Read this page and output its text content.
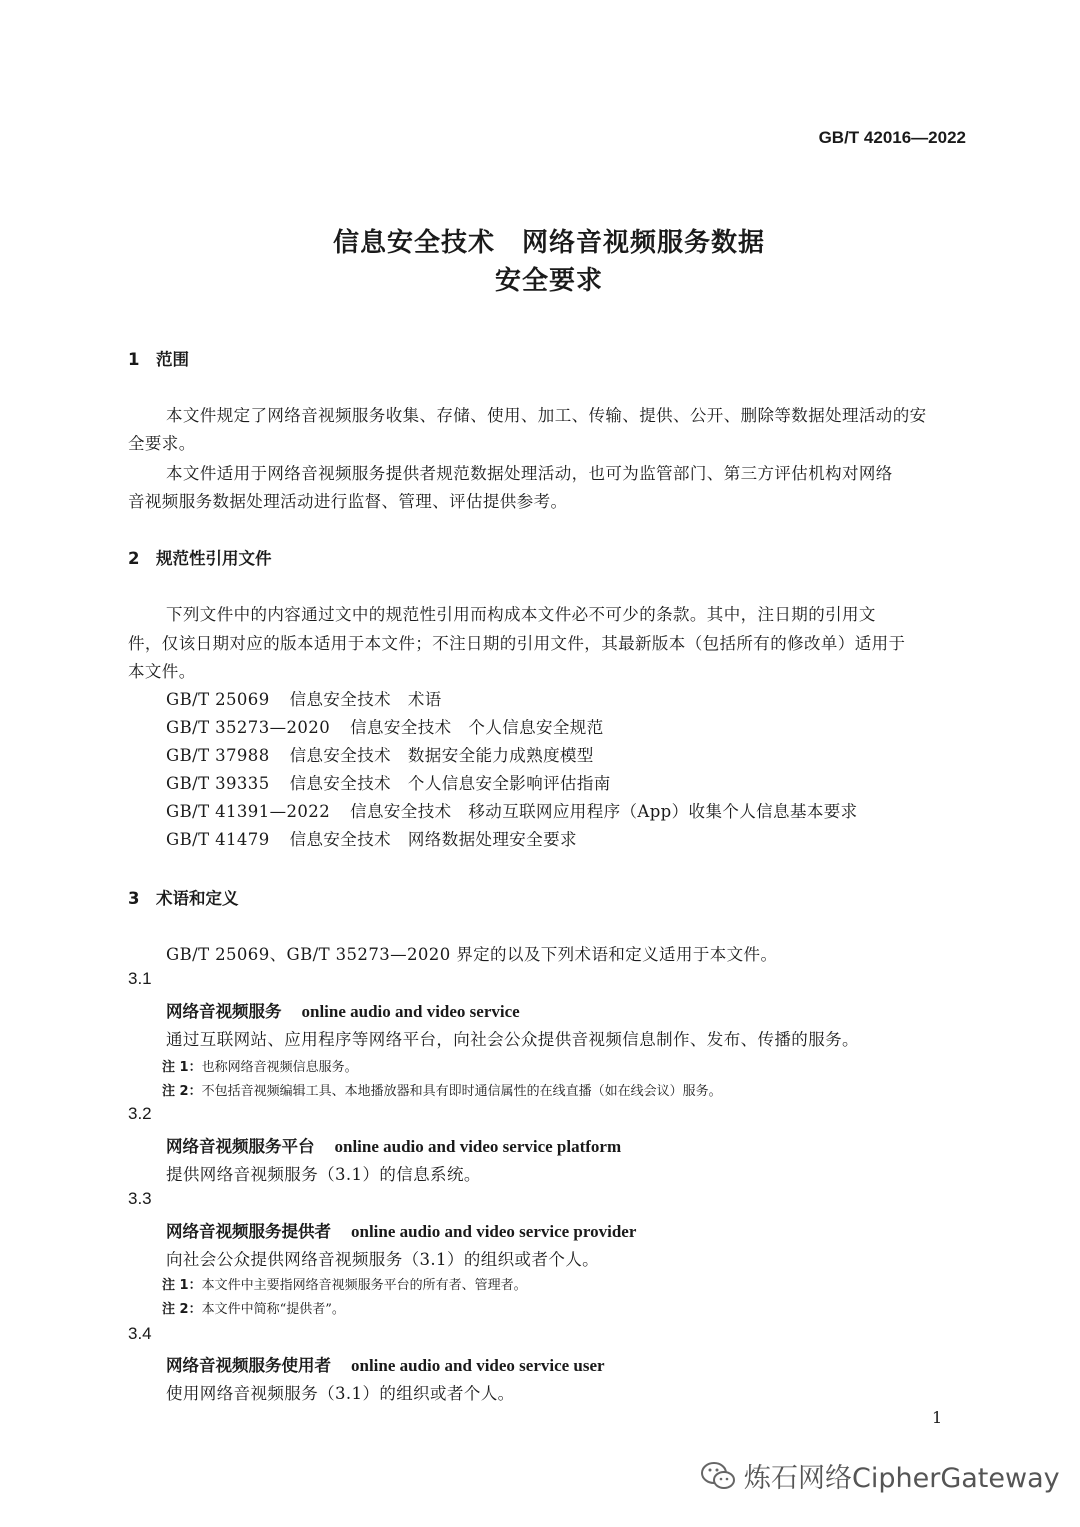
GB/T 42016—2022
信息安全技术　网络音视频服务数据
安全要求
1 范围
本文件规定了网络音视频服务收集、存储、使用、加工、传输、提供、公开、删除等数据处理活动的安
全要求。
本文件适用于网络音视频服务提供者规范数据处理活动，也可为监管部门、第三方评估机构对网络
音视频服务数据处理活动进行监督、管理、评估提供参考。
2 规范性引用文件
下列文件中的内容通过文中的规范性引用而构成本文件必不可少的条款。其中，注日期的引用文
件，仅该日期对应的版本适用于本文件；不注日期的引用文件，其最新版本（包括所有的修改单）适用于
本文件。
GB/T 25069 信息安全技术　术语
GB/T 35273—2020 信息安全技术　个人信息安全规范
GB/T 37988 信息安全技术　数据安全能力成熟度模型
GB/T 39335 信息安全技术　个人信息安全影响评估指南
GB/T 41391—2022 信息安全技术　移动互联网应用程序（App）收集个人信息基本要求
GB/T 41479 信息安全技术　网络数据处理安全要求
3 术语和定义
GB/T 25069、GB/T 35273—2020 界定的以及下列术语和定义适用于本文件。
3.1
网络音视频服务 online audio and video service
通过互联网站、应用程序等网络平台，向社会公众提供音视频信息制作、发布、传播的服务。
注 1：也称网络音视频信息服务。
注 2：不包括音视频编辑工具、本地播放器和具有即时通信属性的在线直播（如在线会议）服务。
3.2
网络音视频服务平台 online audio and video service platform
提供网络音视频服务（3.1）的信息系统。
3.3
网络音视频服务提供者 online audio and video service provider
向社会公众提供网络音视频服务（3.1）的组织或者个人。
注 1：本文件中主要指网络音视频服务平台的所有者、管理者。
注 2：本文件中简称“提供者”。
3.4
网络音视频服务使用者 online audio and video service user
使用网络音视频服务（3.1）的组织或者个人。
1
炼石网络CipherGateway
